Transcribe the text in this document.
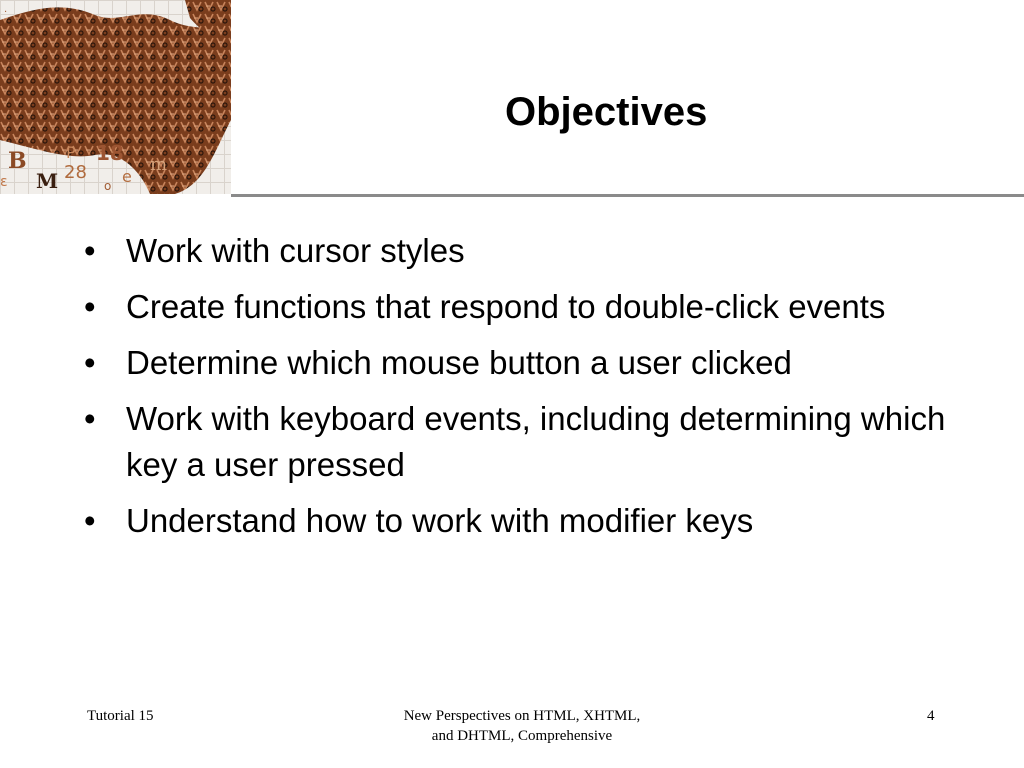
B
M 28
P 18
e
m
ε	o
.
Objectives
• Work with cursor styles
• Create functions that respond to double-click events
• Determine which mouse button a user clicked
• Work with keyboard events, including determining which key a user pressed
• Understand how to work with modifier keys
Tutorial 15	New Perspectives on HTML, XHTML,
and DHTML, Comprehensive
4
